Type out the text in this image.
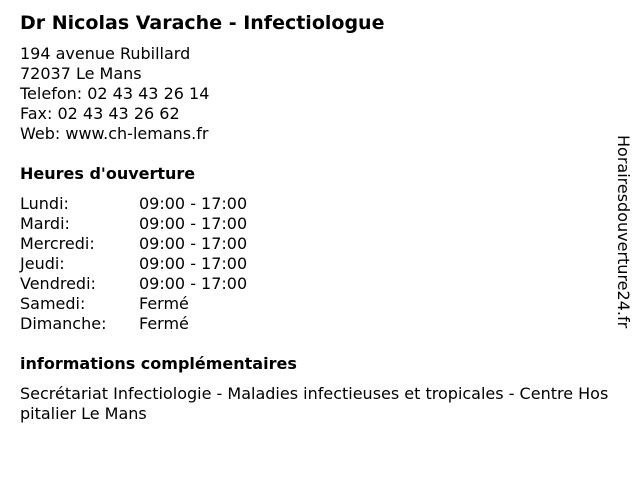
Dr Nicolas Varache - Infectiologue
194 avenue Rubillard
72037 Le Mans
Telefon: 02 43 43 26 14
Fax: 02 43 43 26 62
Web: www.ch-lemans.fr
Heures d'ouverture
Lundi:	09:00 - 17:00
Mardi:	09:00 - 17:00
Mercredi:	09:00 - 17:00
Jeudi:	09:00 - 17:00
Vendredi:	09:00 - 17:00
Samedi:	Fermé
Dimanche: Fermé
informations complémentaires
Secrétariat Infectiologie - Maladies infectieuses et tropicales - Centre Hospitalier Le Mans
Horairesdouverture24.fr
